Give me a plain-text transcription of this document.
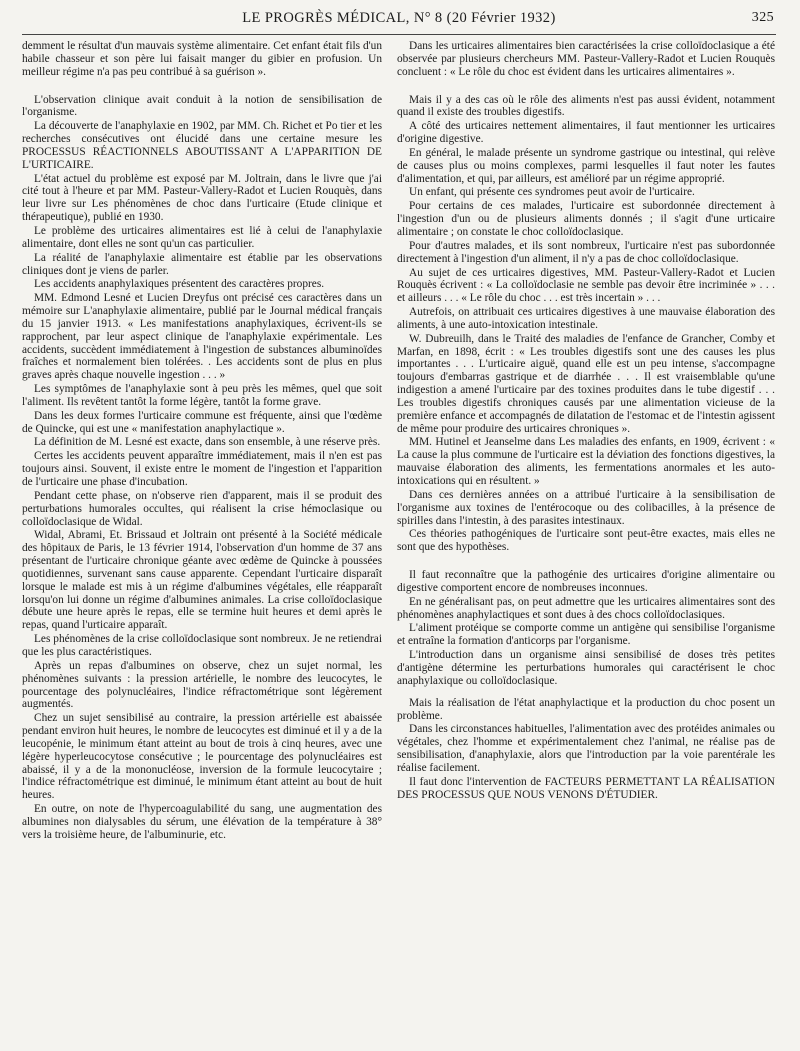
LE PROGRÈS MÉDICAL, N° 8 (20 Février 1932)	325

demment le résultat d'un mauvais système alimentaire. Cet enfant était fils d'un habile chasseur et son père lui faisait manger du gibier en profusion. Un meilleur régime n'a pas peu contribué à sa guérison ».

L'observation clinique avait conduit à la notion de sensibilisation de l'organisme.

La découverte de l'anaphylaxie en 1902, par MM. Ch. Richet et Po tier et les recherches consécutives ont élucidé dans une certaine mesure les PROCESSUS RÉACTIONNELS ABOUTISSANT A L'APPARITION DE L'URTICAIRE.

L'état actuel du problème est exposé par M. Joltrain, dans le livre que j'ai cité tout à l'heure et par MM. Pasteur-Vallery-Radot et Lucien Rouquès, dans leur livre sur Les phénomènes de choc dans l'urticaire (Etude clinique et thérapeutique), publié en 1930.

Le problème des urticaires alimentaires est lié à celui de l'anaphylaxie alimentaire, dont elles ne sont qu'un cas particulier.

La réalité de l'anaphylaxie alimentaire est établie par les observations cliniques dont je viens de parler.

Les accidents anaphylaxiques présentent des caractères propres.

MM. Edmond Lesné et Lucien Dreyfus ont précisé ces caractères dans un mémoire sur L'anaphylaxie alimentaire, publié par le Journal médical français du 15 janvier 1913. « Les manifestations anaphylaxiques, écrivent-ils se rapprochent, par leur aspect clinique de l'anaphylaxie expérimentale. Les accidents, succèdent immédiatement à l'ingestion de substances albuminoïdes fraîches et normalement bien tolérées. . Les accidents sont de plus en plus graves après chaque nouvelle ingestion . . . »

Les symptômes de l'anaphylaxie sont à peu près les mêmes, quel que soit l'aliment. Ils revêtent tantôt la forme légère, tantôt la forme grave.

Dans les deux formes l'urticaire commune est fréquente, ainsi que l'œdème de Quincke, qui est une « manifestation anaphylactique ».

La définition de M. Lesné est exacte, dans son ensemble, à une réserve près.

Certes les accidents peuvent apparaître immédiatement, mais il n'en est pas toujours ainsi. Souvent, il existe entre le moment de l'ingestion et l'apparition de l'urticaire une phase d'incubation.

Pendant cette phase, on n'observe rien d'apparent, mais il se produit des perturbations humorales occultes, qui réalisent la crise hémoclasique ou colloïdoclasique de Widal.

Widal, Abrami, Et. Brissaud et Joltrain ont présenté à la Société médicale des hôpitaux de Paris, le 13 février 1914, l'observation d'un homme de 37 ans présentant de l'urticaire chronique géante avec œdème de Quincke à poussées quotidiennes, survenant sans cause apparente. Cependant l'urticaire disparaît lorsque le malade est mis à un régime d'albumines végétales, elle réapparaît lorsqu'on lui donne un régime d'albumines animales. La crise colloïdoclasique débute une heure après le repas, elle se termine huit heures et demi après le repas, quand l'urticaire apparaît.

Les phénomènes de la crise colloïdoclasique sont nombreux. Je ne retiendrai que les plus caractéristiques.

Après un repas d'albumines on observe, chez un sujet normal, les phénomènes suivants : la pression artérielle, le nombre des leucocytes, le pourcentage des polynucléaires, l'indice réfractométrique sont légèrement augmentés.

Chez un sujet sensibilisé au contraire, la pression artérielle est abaissée pendant environ huit heures, le nombre de leucocytes est diminué et il y a de la leucopénie, le minimum étant atteint au bout de trois à cinq heures, avec une légère hyperleucocytose consécutive ; le pourcentage des polynucléaires est abaissé, il y a de la mononucléose, inversion de la formule leucocytaire ; l'indice réfractométrique est diminué, le minimum étant atteint au bout de huit heures.

En outre, on note de l'hypercoagulabilité du sang, une augmentation des albumines non dialysables du sérum, une élévation de la température à 38° vers la troisième heure, de l'albuminurie, etc.

Dans les urticaires alimentaires bien caractérisées la crise colloïdoclasique a été observée par plusieurs chercheurs MM. Pasteur-Vallery-Radot et Lucien Rouquès concluent : « Le rôle du choc est évident dans les urticaires alimentaires ».

Mais il y a des cas où le rôle des aliments n'est pas aussi évident, notamment quand il existe des troubles digestifs.

A côté des urticaires nettement alimentaires, il faut mentionner les urticaires d'origine digestive.

En général, le malade présente un syndrome gastrique ou intestinal, qui relève de causes plus ou moins complexes, parmi lesquelles il faut noter les fautes d'alimentation, et qui, par ailleurs, est amélioré par un régime approprié.

Un enfant, qui présente ces syndromes peut avoir de l'urticaire.

Pour certains de ces malades, l'urticaire est subordonnée directement à l'ingestion d'un ou de plusieurs aliments donnés ; il s'agit d'une urticaire alimentaire ; on constate le choc colloïdoclasique.

Pour d'autres malades, et ils sont nombreux, l'urticaire n'est pas subordonnée directement à l'ingestion d'un aliment, il n'y a pas de choc colloïdoclasique.

Au sujet de ces urticaires digestives, MM. Pasteur-Vallery-Radot et Lucien Rouquès écrivent : « La colloïdoclasie ne semble pas devoir être incriminée » . . . et ailleurs . . . « Le rôle du choc . . . est très incertain » . . .

Autrefois, on attribuait ces urticaires digestives à une mauvaise élaboration des aliments, à une auto-intoxication intestinale.

W. Dubreuilh, dans le Traité des maladies de l'enfance de Grancher, Comby et Marfan, en 1898, écrit : « Les troubles digestifs sont une des causes les plus importantes . . . L'urticaire aiguë, quand elle est un peu intense, s'accompagne toujours d'embarras gastrique et de diarrhée . . . Il est vraisemblable qu'une indigestion a amené l'urticaire par des toxines produites dans le tube digestif . . . Les troubles digestifs chroniques causés par une alimentation vicieuse de la première enfance et accompagnés de dilatation de l'estomac et de l'intestin agissent de même pour produire des urticaires chroniques ».

MM. Hutinel et Jeanselme dans Les maladies des enfants, en 1909, écrivent : « La cause la plus commune de l'urticaire est la déviation des fonctions digestives, la mauvaise élaboration des aliments, les fermentations anormales et les auto-intoxications qui en résultent. »

Dans ces dernières années on a attribué l'urticaire à la sensibilisation de l'organisme aux toxines de l'entérocoque ou des colibacilles, à la présence de spirilles dans l'intestin, à des parasites intestinaux.

Ces théories pathogéniques de l'urticaire sont peut-être exactes, mais elles ne sont que des hypothèses.

Il faut reconnaître que la pathogénie des urticaires d'origine alimentaire ou digestive comportent encore de nombreuses inconnues.

En ne généralisant pas, on peut admettre que les urticaires alimentaires sont des phénomènes anaphylactiques et sont dues à des chocs colloïdoclasiques.

L'aliment protéique se comporte comme un antigène qui sensibilise l'organisme et entraîne la formation d'anticorps par l'organisme.

L'introduction dans un organisme ainsi sensibilisé de doses très petites d'antigène détermine les perturbations humorales qui caractérisent le choc anaphylaxique ou colloïdoclasique.

Mais la réalisation de l'état anaphylactique et la production du choc posent un problème.

Dans les circonstances habituelles, l'alimentation avec des protéides animales ou végétales, chez l'homme et expérimentalement chez l'animal, ne réalise pas de sensibilisation, d'anaphylaxie, alors que l'introduction par la voie parentérale les réalise facilement.

Il faut donc l'intervention de FACTEURS PERMETTANT LA RÉALISATION DES PROCESSUS QUE NOUS VENONS D'ÉTUDIER.
